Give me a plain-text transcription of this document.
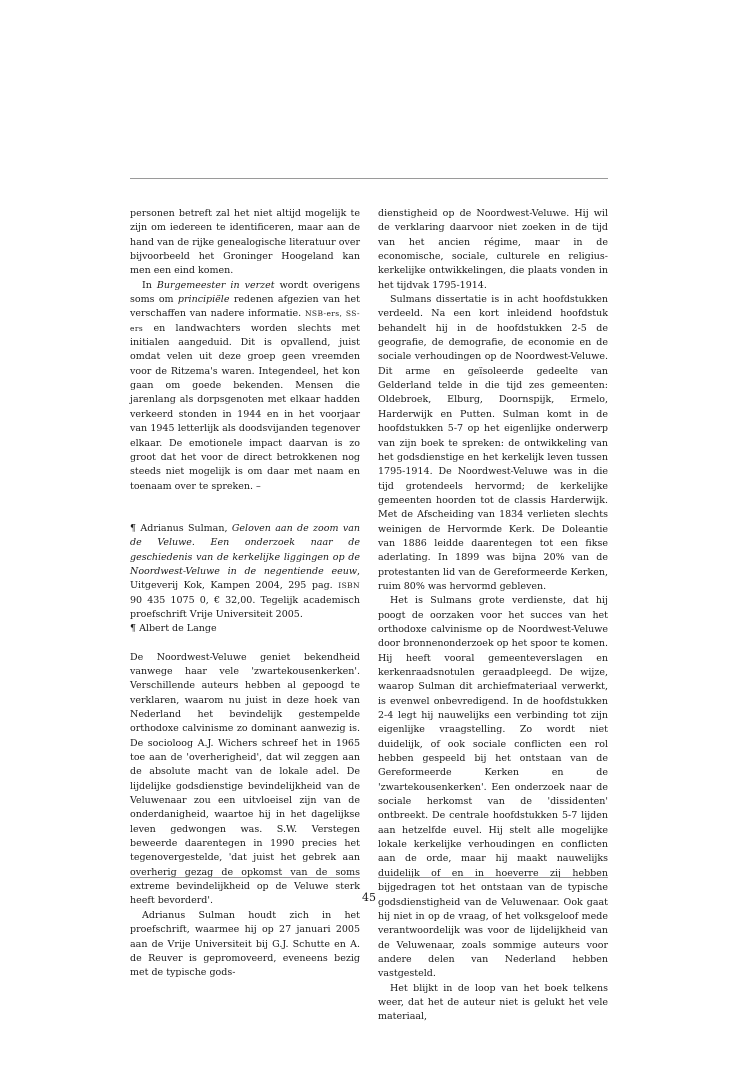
personen betreft zal het niet altijd mogelijk te zijn om iedereen te identificeren, maar aan de hand van de rijke genealogische literatuur over bijvoorbeeld het Groninger Hoogeland kan men een eind komen.

In Burgemeester in verzet wordt overigens soms om principiële redenen afgezien van het verschaffen van nadere informatie. NSB-ers, SS-ers en landwachters worden slechts met initialen aangeduid. Dit is opvallend, juist omdat velen uit deze groep geen vreemden voor de Ritzema's waren. Integendeel, het kon gaan om goede bekenden. Mensen die jarenlang als dorpsgenoten met elkaar hadden verkeerd stonden in 1944 en in het voorjaar van 1945 letterlijk als doodsvijanden tegenover elkaar. De emotionele impact daarvan is zo groot dat het voor de direct betrokkenen nog steeds niet mogelijk is om daar met naam en toenaam over te spreken. –

¶ Adrianus Sulman, Geloven aan de zoom van de Veluwe. Een onderzoek naar de geschiedenis van de kerkelijke liggingen op de Noordwest-Veluwe in de negentiende eeuw, Uitgeverij Kok, Kampen 2004, 295 pag. ISBN 90 435 1075 0, € 32,00. Tegelijk academisch proefschrift Vrije Universiteit 2005.

¶ Albert de Lange

De Noordwest-Veluwe geniet bekendheid vanwege haar vele 'zwartekousenkerken'. Verschillende auteurs hebben al gepoogd te verklaren, waarom nu juist in deze hoek van Nederland het bevindelijk gestempelde orthodoxe calvinisme zo dominant aanwezig is. De socioloog A.J. Wichers schreef het in 1965 toe aan de 'overherigheid', dat wil zeggen aan de absolute macht van de lokale adel. De lijdelijke godsdienstige bevindelijkheid van de Veluwenaar zou een uitvloeisel zijn van de onderdanigheid, waartoe hij in het dagelijkse leven gedwongen was. S.W. Verstegen beweerde daarentegen in 1990 precies het tegenovergestelde, 'dat juist het gebrek aan overherig gezag de opkomst van de soms extreme bevindelijkheid op de Veluwe sterk heeft bevorderd'.

Adrianus Sulman houdt zich in het proefschrift, waarmee hij op 27 januari 2005 aan de Vrije Universiteit bij G.J. Schutte en A. de Reuver is gepromoveerd, eveneens bezig met de typische gods-

dienstigheid op de Noordwest-Veluwe. Hij wil de verklaring daarvoor niet zoeken in de tijd van het ancien régime, maar in de economische, sociale, culturele en religius-kerkelijke ontwikkelingen, die plaats vonden in het tijdvak 1795-1914.

Sulmans dissertatie is in acht hoofdstukken verdeeld. Na een kort inleidend hoofdstuk behandelt hij in de hoofdstukken 2-5 de geografie, de demografie, de economie en de sociale verhoudingen op de Noordwest-Veluwe. Dit arme en geïsoleerde gedeelte van Gelderland telde in die tijd zes gemeenten: Oldebroek, Elburg, Doornspijk, Ermelo, Harderwijk en Putten. Sulman komt in de hoofdstukken 5-7 op het eigenlijke onderwerp van zijn boek te spreken: de ontwikkeling van het godsdienstige en het kerkelijk leven tussen 1795-1914. De Noordwest-Veluwe was in die tijd grotendeels hervormd; de kerkelijke gemeenten hoorden tot de classis Harderwijk. Met de Afscheiding van 1834 verlieten slechts weinigen de Hervormde Kerk. De Doleantie van 1886 leidde daarentegen tot een fikse aderlating. In 1899 was bijna 20% van de protestanten lid van de Gereformeerde Kerken, ruim 80% was hervormd gebleven.

Het is Sulmans grote verdienste, dat hij poogt de oorzaken voor het succes van het orthodoxe calvinisme op de Noordwest-Veluwe door bronnenonderzoek op het spoor te komen. Hij heeft vooral gemeenteverslagen en kerkenraadsnotulen geraadpleegd. De wijze, waarop Sulman dit archiefmateriaal verwerkt, is evenwel onbevredigend. In de hoofdstukken 2-4 legt hij nauwelijks een verbinding tot zijn eigenlijke vraagstelling. Zo wordt niet duidelijk, of ook sociale conflicten een rol hebben gespeeld bij het ontstaan van de Gereformeerde Kerken en de 'zwartekousenkerken'. Een onderzoek naar de sociale herkomst van de 'dissidenten' ontbreekt. De centrale hoofdstukken 5-7 lijden aan hetzelfde euvel. Hij stelt alle mogelijke lokale kerkelijke verhoudingen en conflicten aan de orde, maar hij maakt nauwelijks duidelijk of en in hoeverre zij hebben bijgedragen tot het ontstaan van de typische godsdienstigheid van de Veluwenaar. Ook gaat hij niet in op de vraag, of het volksgeloof mede verantwoordelijk was voor de lijdelijkheid van de Veluwenaar, zoals sommige auteurs voor andere delen van Nederland hebben vastgesteld.

Het blijkt in de loop van het boek telkens weer, dat het de auteur niet is gelukt het vele materiaal,

45
